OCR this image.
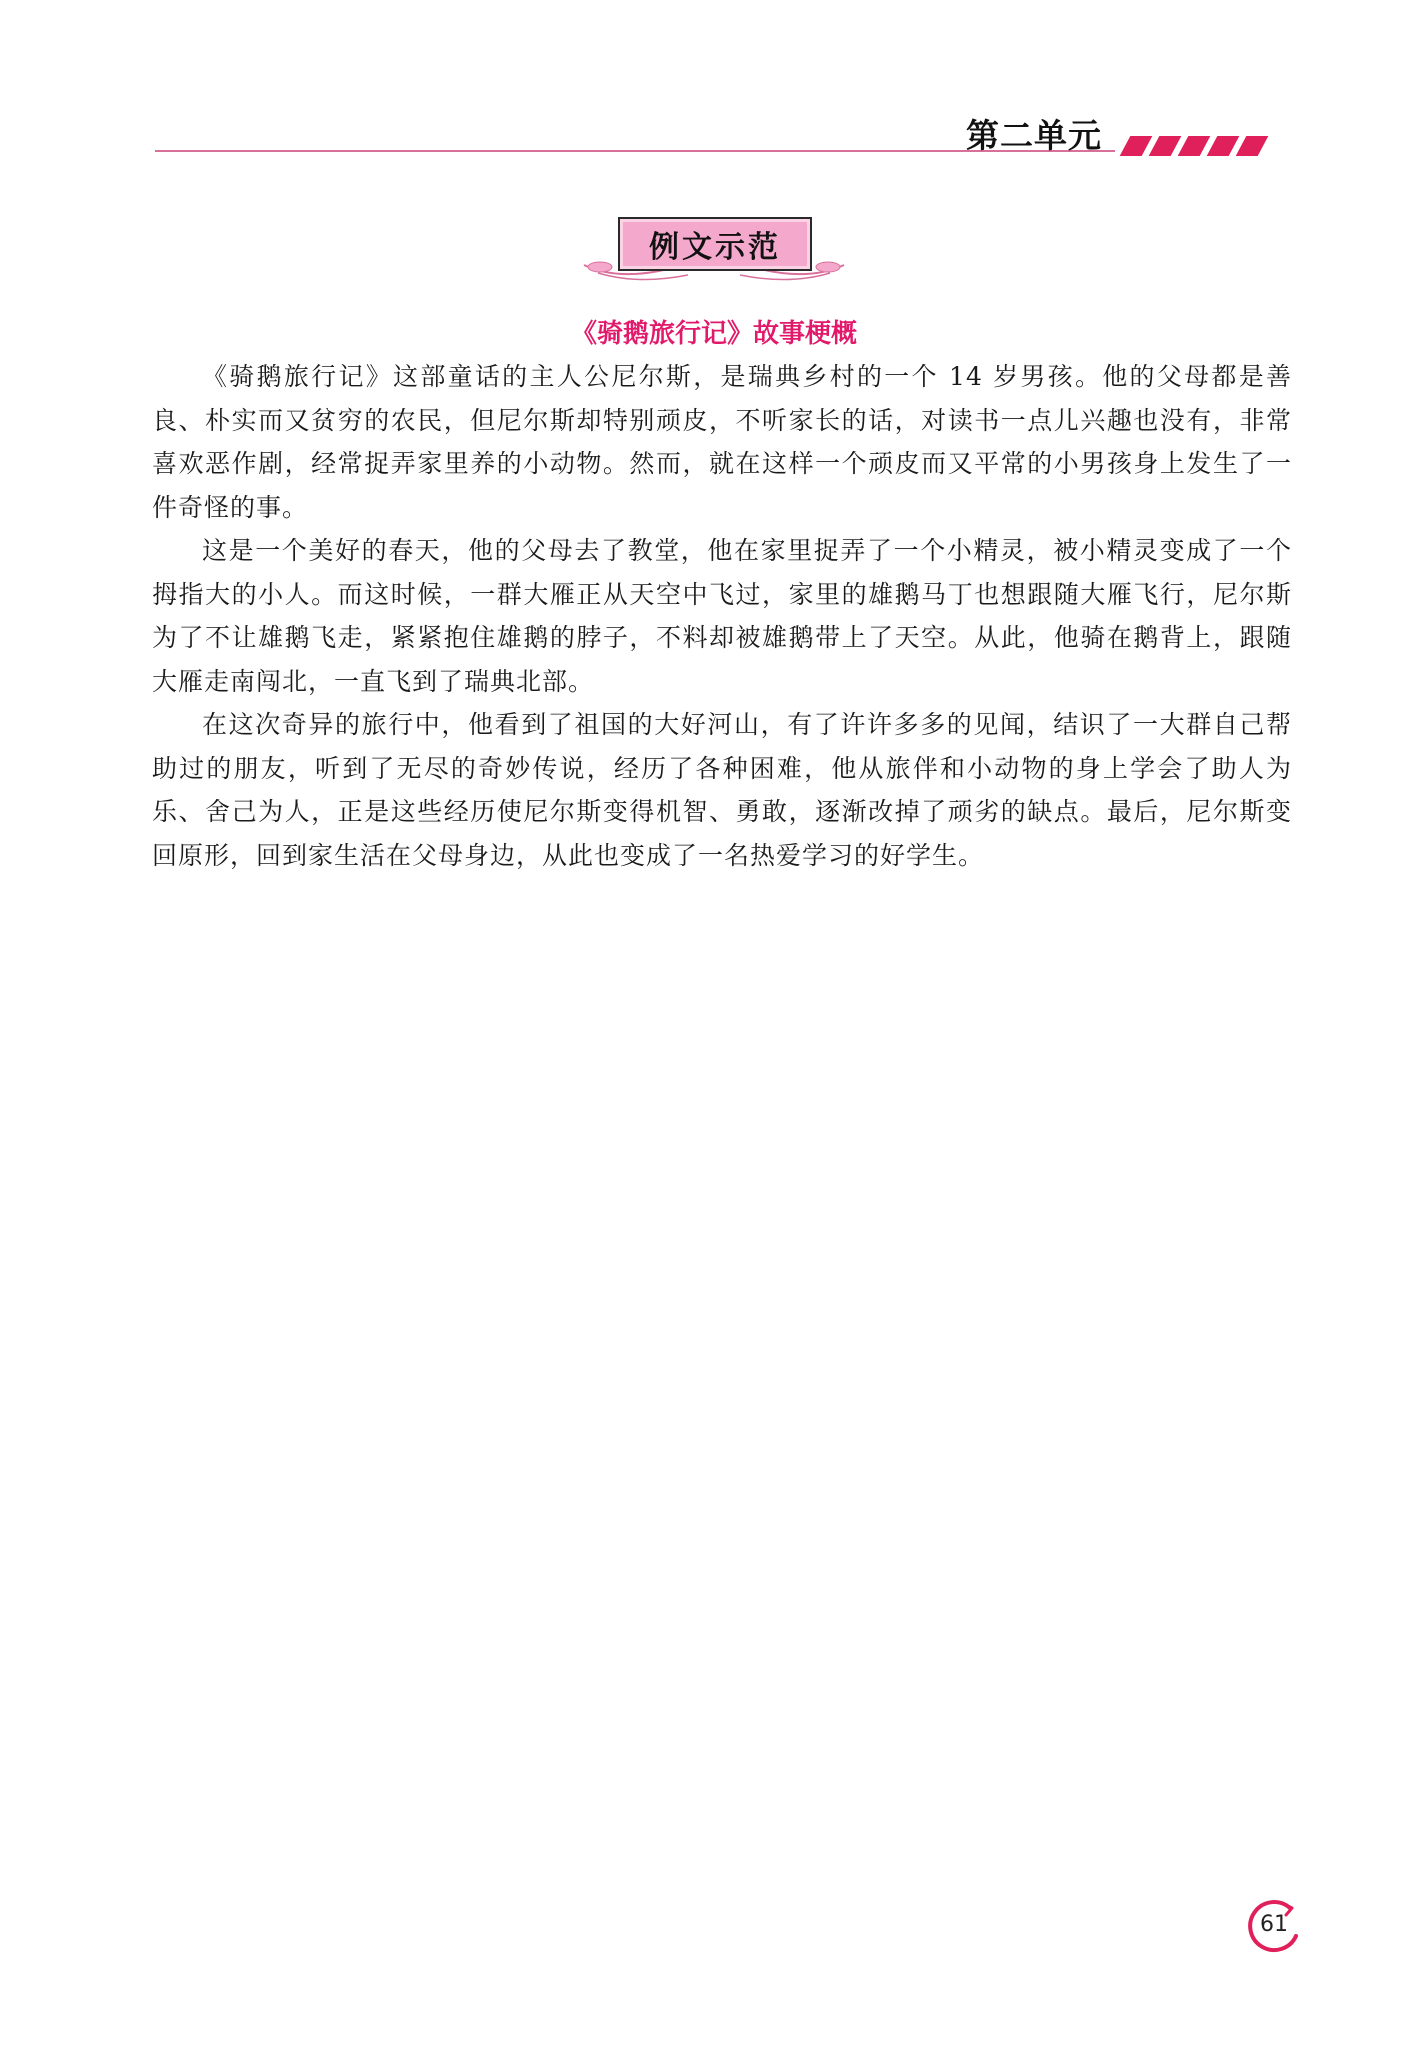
第二单元
例文示范
《骑鹅旅行记》故事梗概

《骑鹅旅行记》这部童话的主人公尼尔斯，是瑞典乡村的一个 14 岁男孩。他的父母都是善良、朴实而又贫穷的农民，但尼尔斯却特别顽皮，不听家长的话，对读书一点儿兴趣也没有，非常喜欢恶作剧，经常捉弄家里养的小动物。然而，就在这样一个顽皮而又平常的小男孩身上发生了一件奇怪的事。

这是一个美好的春天，他的父母去了教堂，他在家里捉弄了一个小精灵，被小精灵变成了一个拇指大的小人。而这时候，一群大雁正从天空中飞过，家里的雄鹅马丁也想跟随大雁飞行，尼尔斯为了不让雄鹅飞走，紧紧抱住雄鹅的脖子，不料却被雄鹅带上了天空。从此，他骑在鹅背上，跟随大雁走南闯北，一直飞到了瑞典北部。

在这次奇异的旅行中，他看到了祖国的大好河山，有了许许多多的见闻，结识了一大群自己帮助过的朋友，听到了无尽的奇妙传说，经历了各种困难，他从旅伴和小动物的身上学会了助人为乐、舍己为人，正是这些经历使尼尔斯变得机智、勇敢，逐渐改掉了顽劣的缺点。最后，尼尔斯变回原形，回到家生活在父母身边，从此也变成了一名热爱学习的好学生。

61
